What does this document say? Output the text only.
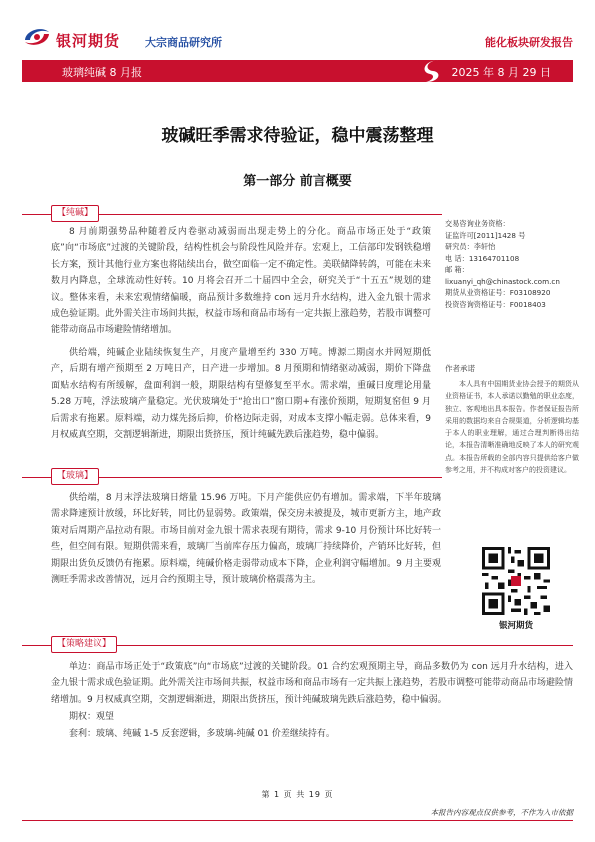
银河期货 大宗商品研究所	能化板块研发报告
玻璃纯碱 8 月报	2025 年 8 月 29 日
玻碱旺季需求待验证，稳中震荡整理
第一部分 前言概要
【纯碱】
8 月前期强势品种随着反内卷驱动减弱而出现走势上的分化。商品市场正处于“政策底”向“市场底”过渡的关键阶段，结构性机会与阶段性风险并存。宏观上，工信部印发钢铁稳增长方案，预计其他行业方案也将陆续出台，做空面临一定不确定性。美联储降转鸽，可能在未来数月内降息，全球流动性好转。10 月将会召开二十届四中全会，研究关于“十五五”规划的建议。整体来看，未来宏观情绪偏暖，商品预计多数维持 con 远月升水结构，进入金九银十需求成色验证期。此外需关注市场间共振，权益市场和商品市场有一定共振上涨趋势，若股市调整可能带动商品市场避险情绪增加。
供给端，纯碱企业陆续恢复生产，月度产量增至约 330 万吨。博源二期卤水并网短期低产，后期有增产预期至 2 万吨日产，日产进一步增加。8 月预期和情绪驱动减弱，期价下降盘面贴水结构有所缓解，盘面利润一般，期限结构有望修复至平水。需求端，重碱日度理论用量 5.28 万吨，浮法玻璃产量稳定。光伏玻璃处于“抢出口”窗口期+有涨价预期，短期复窑但 9 月后需求有拖累。原料端，动力煤先扬后抑，价格边际走弱，对成本支撑小幅走弱。总体来看，9 月权威真空期，交割逻辑渐进，期限出货挤压，预计纯碱先跌后涨趋势，稳中偏弱。
【玻璃】
供给端，8 月末浮法玻璃日熔量 15.96 万吨。下月产能供应仍有增加。需求端，下半年玻璃需求降速预计放缓，环比好转，同比仍显弱势。政策端，保交房未被提及，城市更新方主，地产政策对后周期产品拉动有限。市场目前对金九银十需求表现有期待，需求 9-10 月份预计环比好转一些，但空间有限。短期供需来看，玻璃厂当前库存压力偏高，玻璃厂持续降价，产销环比好转，但期限出货负反馈仍有拖累。原料端，纯碱价格走弱带动成本下降，企业利润守幅增加。9 月主要观测旺季需求改善情况，远月合约预期主导，预计玻璃价格震荡为主。
【策略建议】
单边：商品市场正处于“政策底”向“市场底”过渡的关键阶段。01 合约宏观预期主导，商品多数仍为 con 远月升水结构，进入金九银十需求成色验证期。此外需关注市场间共振，权益市场和商品市场有一定共振上涨趋势，若股市调整可能带动商品市场避险情绪增加。9 月权威真空期，交割逻辑渐进，期限出货挤压，预计纯碱玻璃先跌后涨趋势，稳中偏弱。
期权：观望
套利：玻璃、纯碱 1-5 反套逻辑，多玻璃-纯碱 01 价差继续持有。
交易咨询业务资格：
证监许可[2011]1428 号
研究员：李轩怡
电 话：13164701108
邮 箱：
lixuanyi_qh@chinastock.com.cn
期货从业资格证号：F03108920
投资咨询资格证号：F0018403
作者承诺
本人具有中国期货业协会授予的期货从业资格证书，本人承诺以勤勉的职业态度，独立、客观地出具本报告。作者保证报告所采用的数据均来自合规渠道，分析逻辑均基于本人的职业理解，通过合理判断得出结论，本报告清晰准确地反映了本人的研究观点。本报告所载的全部内容只提供给客户做参考之用，并不构成对客户的投资建议。
银河期货
第 1 页 共 19 页
本报告内容观点仅供参考，不作为入市依据
